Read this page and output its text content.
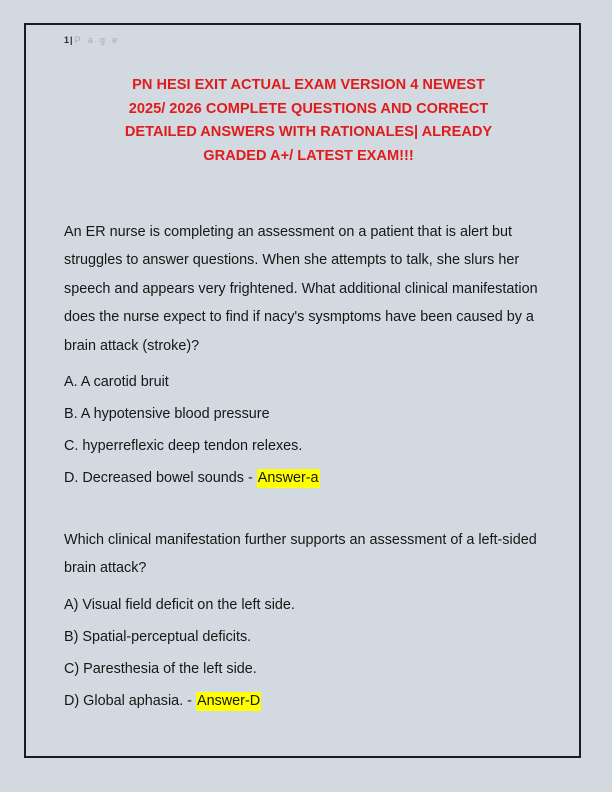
1| P a g e
PN HESI EXIT ACTUAL EXAM VERSION 4 NEWEST
2025/ 2026 COMPLETE QUESTIONS AND CORRECT
DETAILED ANSWERS WITH RATIONALES| ALREADY
GRADED A+/ LATEST EXAM!!!

An ER nurse is completing an assessment on a patient that is alert but struggles to answer questions. When she attempts to talk, she slurs her speech and appears very frightened. What additional clinical manifestation does the nurse expect to find if nacy's sysmptoms have been caused by a brain attack (stroke)?

A. A carotid bruit

B. A hypotensive blood pressure

C. hyperreflexic deep tendon relexes.

D. Decreased bowel sounds - Answer-a

Which clinical manifestation further supports an assessment of a left-sided brain attack?

A) Visual field deficit on the left side.

B) Spatial-perceptual deficits.

C) Paresthesia of the left side.

D) Global aphasia. - Answer-D
